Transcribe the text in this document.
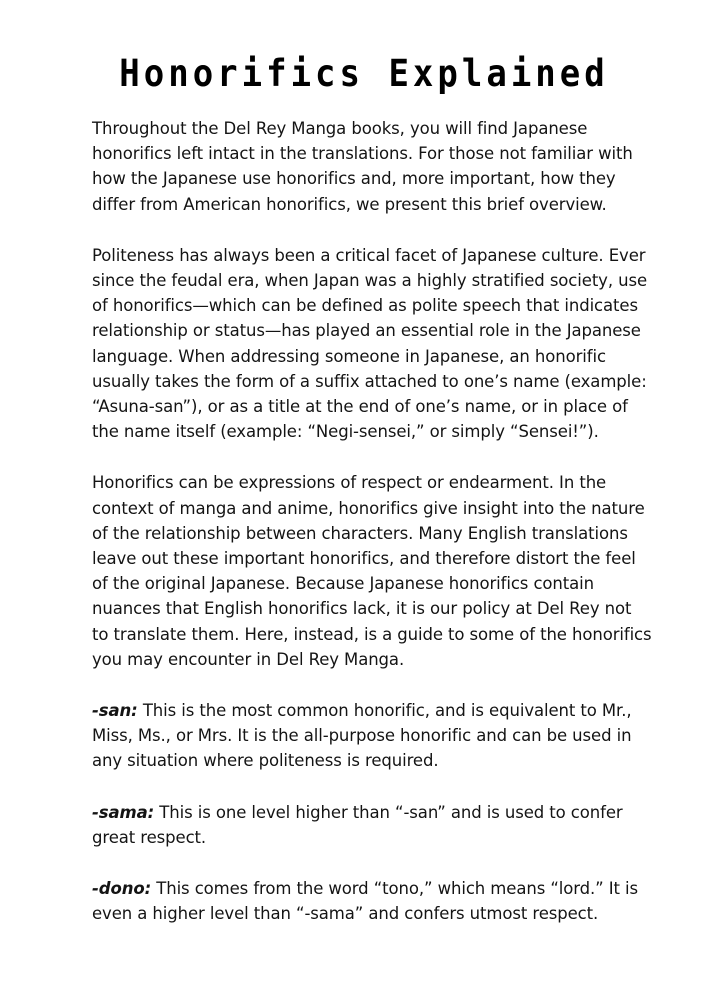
Honorifics Explained

Throughout the Del Rey Manga books, you will find Japanese honorifics left intact in the translations. For those not familiar with how the Japanese use honorifics and, more important, how they differ from American honorifics, we present this brief overview.

Politeness has always been a critical facet of Japanese culture. Ever since the feudal era, when Japan was a highly stratified society, use of honorifics—which can be defined as polite speech that indicates relationship or status—has played an essential role in the Japanese language. When addressing someone in Japanese, an honorific usually takes the form of a suffix attached to one’s name (example: “Asuna-san”), or as a title at the end of one’s name, or in place of the name itself (example: “Negi-sensei,” or simply “Sensei!”).

Honorifics can be expressions of respect or endearment. In the context of manga and anime, honorifics give insight into the nature of the relationship between characters. Many English translations leave out these important honorifics, and therefore distort the feel of the original Japanese. Because Japanese honorifics contain nuances that English honorifics lack, it is our policy at Del Rey not to translate them. Here, instead, is a guide to some of the honorifics you may encounter in Del Rey Manga.

-san: This is the most common honorific, and is equivalent to Mr., Miss, Ms., or Mrs. It is the all-purpose honorific and can be used in any situation where politeness is required.

-sama: This is one level higher than “-san” and is used to confer great respect.

-dono: This comes from the word “tono,” which means “lord.” It is even a higher level than “-sama” and confers utmost respect.
